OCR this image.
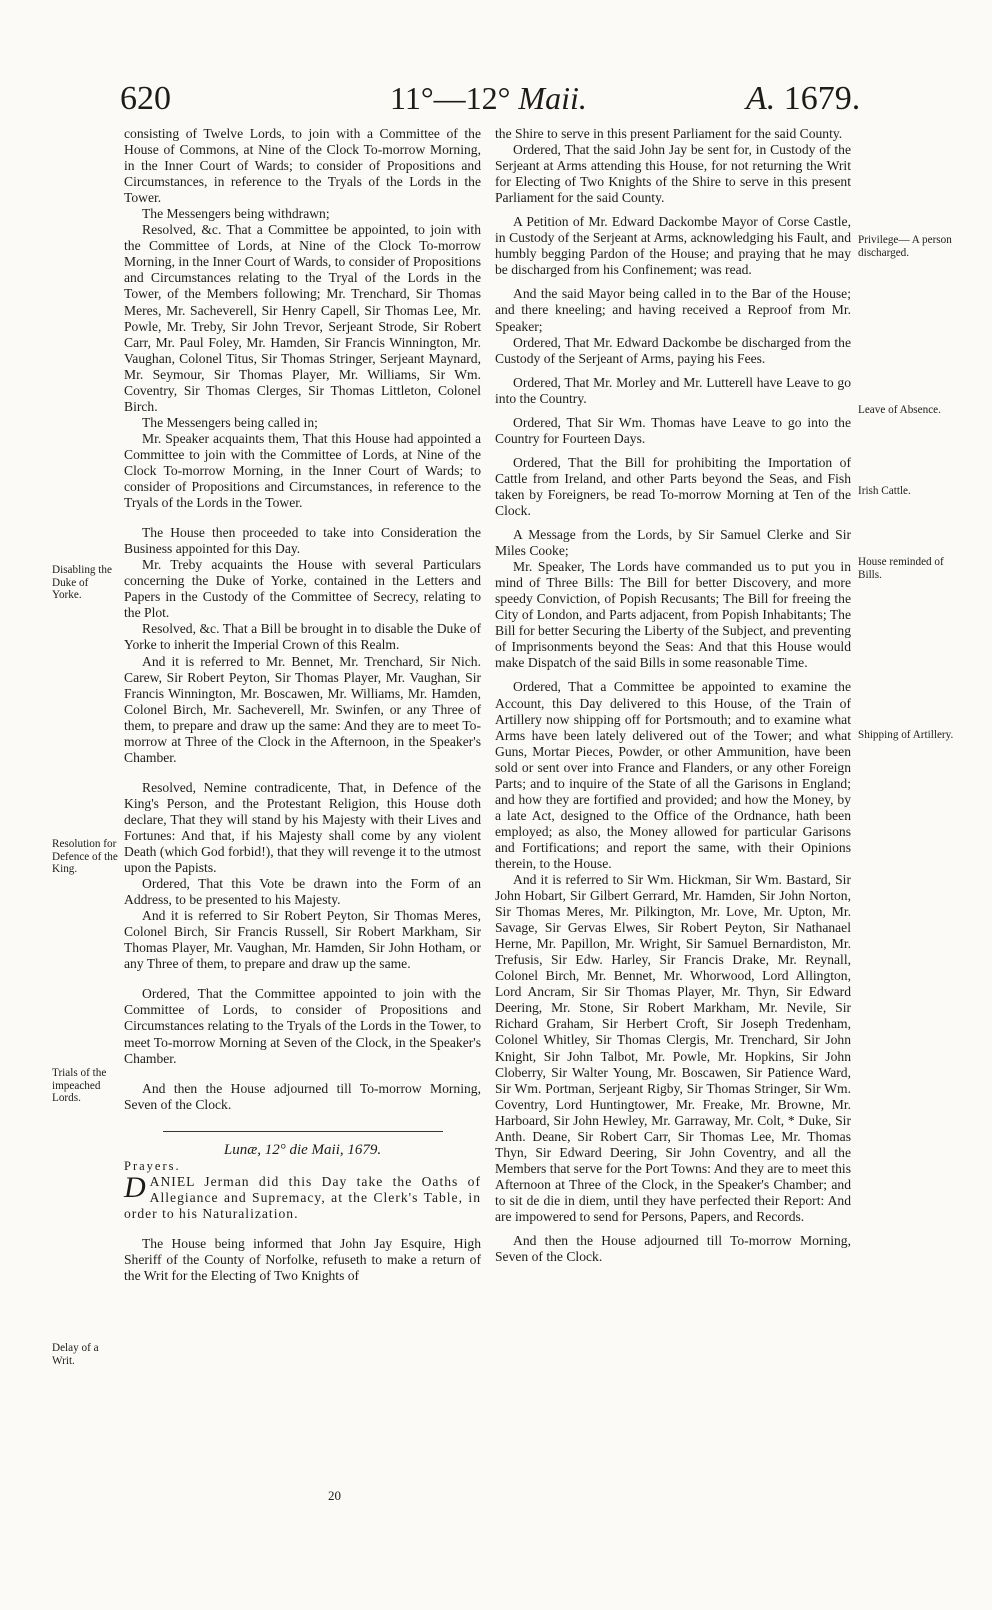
620	11°—12° Maii.	A. 1679.

consisting of Twelve Lords, to join with a Committee of the House of Commons, at Nine of the Clock To-morrow Morning, in the Inner Court of Wards; to consider of Propositions and Circumstances, in reference to the Tryals of the Lords in the Tower.

The Messengers being withdrawn;

Resolved, &c. That a Committee be appointed, to join with the Committee of Lords, at Nine of the Clock To-morrow Morning, in the Inner Court of Wards, to consider of Propositions and Circumstances relating to the Tryal of the Lords in the Tower, of the Members following; Mr. Trenchard, Sir Thomas Meres, Mr. Sacheverell, Sir Henry Capell, Sir Thomas Lee, Mr. Powle, Mr. Treby, Sir John Trevor, Serjeant Strode, Sir Robert Carr, Mr. Paul Foley, Mr. Hamden, Sir Francis Winnington, Mr. Vaughan, Colonel Titus, Sir Thomas Stringer, Serjeant Maynard, Mr. Seymour, Sir Thomas Player, Mr. Williams, Sir Wm. Coventry, Sir Thomas Clerges, Sir Thomas Littleton, Colonel Birch.

The Messengers being called in;

Mr. Speaker acquaints them, That this House had appointed a Committee to join with the Committee of Lords, at Nine of the Clock To-morrow Morning, in the Inner Court of Wards; to consider of Propositions and Circumstances, in reference to the Tryals of the Lords in the Tower.

The House then proceeded to take into Consideration the Business appointed for this Day.

Mr. Treby acquaints the House with several Particulars concerning the Duke of Yorke, contained in the Letters and Papers in the Custody of the Committee of Secrecy, relating to the Plot.

Resolved, &c. That a Bill be brought in to disable the Duke of Yorke to inherit the Imperial Crown of this Realm.

And it is referred to Mr. Bennet, Mr. Trenchard, Sir Nich. Carew, Sir Robert Peyton, Sir Thomas Player, Mr. Vaughan, Sir Francis Winnington, Mr. Boscawen, Mr. Williams, Mr. Hamden, Colonel Birch, Mr. Sacheverell, Mr. Swinfen, or any Three of them, to prepare and draw up the same: And they are to meet To-morrow at Three of the Clock in the Afternoon, in the Speaker's Chamber.

Resolved, Nemine contradicente, That, in Defence of the King's Person, and the Protestant Religion, this House doth declare, That they will stand by his Majesty with their Lives and Fortunes: And that, if his Majesty shall come by any violent Death (which God forbid!), that they will revenge it to the utmost upon the Papists.

Ordered, That this Vote be drawn into the Form of an Address, to be presented to his Majesty.

And it is referred to Sir Robert Peyton, Sir Thomas Meres, Colonel Birch, Sir Francis Russell, Sir Robert Markham, Sir Thomas Player, Mr. Vaughan, Mr. Hamden, Sir John Hotham, or any Three of them, to prepare and draw up the same.

Ordered, That the Committee appointed to join with the Committee of Lords, to consider of Propositions and Circumstances relating to the Tryals of the Lords in the Tower, to meet To-morrow Morning at Seven of the Clock, in the Speaker's Chamber.

And then the House adjourned till To-morrow Morning, Seven of the Clock.

Lunæ, 12° die Maii, 1679.

Prayers.

DANIEL Jerman did this Day take the Oaths of Allegiance and Supremacy, at the Clerk's Table, in order to his Naturalization.

The House being informed that John Jay Esquire, High Sheriff of the County of Norfolke, refuseth to make a return of the Writ for the Electing of Two Knights of

the Shire to serve in this present Parliament for the said County.

Ordered, That the said John Jay be sent for, in Custody of the Serjeant at Arms attending this House, for not returning the Writ for Electing of Two Knights of the Shire to serve in this present Parliament for the said County.

A Petition of Mr. Edward Dackombe Mayor of Corse Castle, in Custody of the Serjeant at Arms, acknowledging his Fault, and humbly begging Pardon of the House; and praying that he may be discharged from his Confinement; was read.

And the said Mayor being called in to the Bar of the House; and there kneeling; and having received a Reproof from Mr. Speaker;

Ordered, That Mr. Edward Dackombe be discharged from the Custody of the Serjeant of Arms, paying his Fees.

Ordered, That Mr. Morley and Mr. Lutterell have Leave to go into the Country.

Ordered, That Sir Wm. Thomas have Leave to go into the Country for Fourteen Days.

Ordered, That the Bill for prohibiting the Importation of Cattle from Ireland, and other Parts beyond the Seas, and Fish taken by Foreigners, be read To-morrow Morning at Ten of the Clock.

A Message from the Lords, by Sir Samuel Clerke and Sir Miles Cooke;

Mr. Speaker, The Lords have commanded us to put you in mind of Three Bills: The Bill for better Discovery, and more speedy Conviction, of Popish Recusants; The Bill for freeing the City of London, and Parts adjacent, from Popish Inhabitants; The Bill for better Securing the Liberty of the Subject, and preventing of Imprisonments beyond the Seas: And that this House would make Dispatch of the said Bills in some reasonable Time.

Ordered, That a Committee be appointed to examine the Account, this Day delivered to this House, of the Train of Artillery now shipping off for Portsmouth; and to examine what Arms have been lately delivered out of the Tower; and what Guns, Mortar Pieces, Powder, or other Ammunition, have been sold or sent over into France and Flanders, or any other Foreign Parts; and to inquire of the State of all the Garisons in England; and how they are fortified and provided; and how the Money, by a late Act, designed to the Office of the Ordnance, hath been employed; as also, the Money allowed for particular Garisons and Fortifications; and report the same, with their Opinions therein, to the House.

And it is referred to Sir Wm. Hickman, Sir Wm. Bastard, Sir John Hobart, Sir Gilbert Gerrard, Mr. Hamden, Sir John Norton, Sir Thomas Meres, Mr. Pilkington, Mr. Love, Mr. Upton, Mr. Savage, Sir Gervas Elwes, Sir Robert Peyton, Sir Nathanael Herne, Mr. Papillon, Mr. Wright, Sir Samuel Bernardiston, Mr. Trefusis, Sir Edw. Harley, Sir Francis Drake, Mr. Reynall, Colonel Birch, Mr. Bennet, Mr. Whorwood, Lord Allington, Lord Ancram, Sir Sir Thomas Player, Mr. Thyn, Sir Edward Deering, Mr. Stone, Sir Robert Markham, Mr. Nevile, Sir Richard Graham, Sir Herbert Croft, Sir Joseph Tredenham, Colonel Whitley, Sir Thomas Clergis, Mr. Trenchard, Sir John Knight, Sir John Talbot, Mr. Powle, Mr. Hopkins, Sir John Cloberry, Sir Walter Young, Mr. Boscawen, Sir Patience Ward, Sir Wm. Portman, Serjeant Rigby, Sir Thomas Stringer, Sir Wm. Coventry, Lord Huntingtower, Mr. Freake, Mr. Browne, Mr. Harboard, Sir John Hewley, Mr. Garraway, Mr. Colt, * Duke, Sir Anth. Deane, Sir Robert Carr, Sir Thomas Lee, Mr. Thomas Thyn, Sir Edward Deering, Sir John Coventry, and all the Members that serve for the Port Towns: And they are to meet this Afternoon at Three of the Clock, in the Speaker's Chamber; and to sit de die in diem, until they have perfected their Report: And are impowered to send for Persons, Papers, and Records.

And then the House adjourned till To-morrow Morning, Seven of the Clock.

Disabling the Duke of Yorke.
Resolution for Defence of the King.
Trials of the impeached Lords.
Delay of a Writ.
Privilege— A person discharged.
Leave of Absence.
Irish Cattle.
House reminded of Bills.
Shipping of Artillery.
20
